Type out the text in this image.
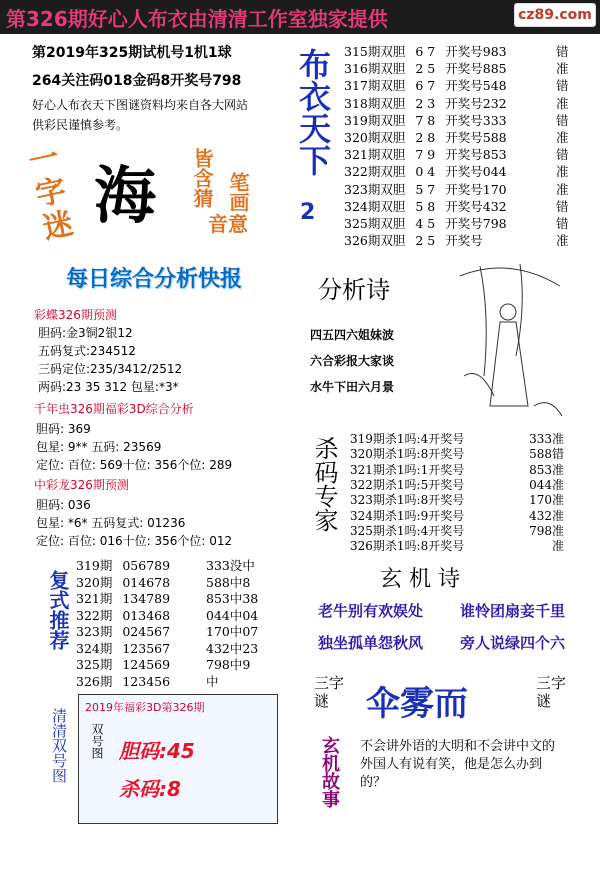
第326期好心人布衣由清清工作室独家提供	cz89.com
第2019年325期试机号1机1球
264关注码018金码8开奖号798
好心人布衣天下图谜资料均来自各大网站
供彩民谨慎参考。
一字迷 海 皆含猜 笔画
音意
布衣天下
2
315期双胆 6 7 开奖号983	错
316期双胆 2 5 开奖号885	准
317期双胆 6 7 开奖号548	错
318期双胆 2 3 开奖号232	准
319期双胆 7 8 开奖号333	错
320期双胆 2 8 开奖号588	准
321期双胆 7 9 开奖号853	错
322期双胆 0 4 开奖号044	准
323期双胆 5 7 开奖号170	准
324期双胆 5 8 开奖号432	错
325期双胆 4 5 开奖号798	错
326期双胆 2 5 开奖号	准
每日综合分析快报
彩蝶326期预测
胆码:金3铜2银12
五码复式:234512
三码定位:235/3412/2512
两码:23 35 312 包星:*3*
千年虫326期福彩3D综合分析
胆码: 369
包星: 9** 五码: 23569
定位: 百位: 569十位: 356个位: 289
中彩龙326期预测
胆码: 036
包星: *6* 五码复式: 01236
定位: 百位: 016十位: 356个位: 012
分析诗
四五四六姐妹波
六合彩报大家谈
水牛下田六月景
杀码专家 319期杀1吗:4开奖号	333准
320期杀1吗:8开奖号	588错
321期杀1吗:1开奖号	853准
322期杀1吗:5开奖号	044准
323期杀1吗:8开奖号	170准
324期杀1吗:9开奖号	432准
325期杀1吗:4开奖号	798准
326期杀1吗:8开奖号	准
复式推荐
319期 056789	333没中
320期 014678	588中8
321期 134789	853中38
322期 013468	044中04
323期 024567	170中07
324期 123567	432中23
325期 124569	798中9
326期 123456	中
玄 机 诗
老牛别有欢娱处 谁怜团扇妾千里
独坐孤单怨秋风 旁人说绿四个六
三字谜	伞雾而
三字谜
清清双号图
2019年福彩3D第326期
双号图 胆码:45
杀码:8	玄机故事 不会讲外语的大明和不会讲中文的外国人有说有笑，他是怎么办到的？
